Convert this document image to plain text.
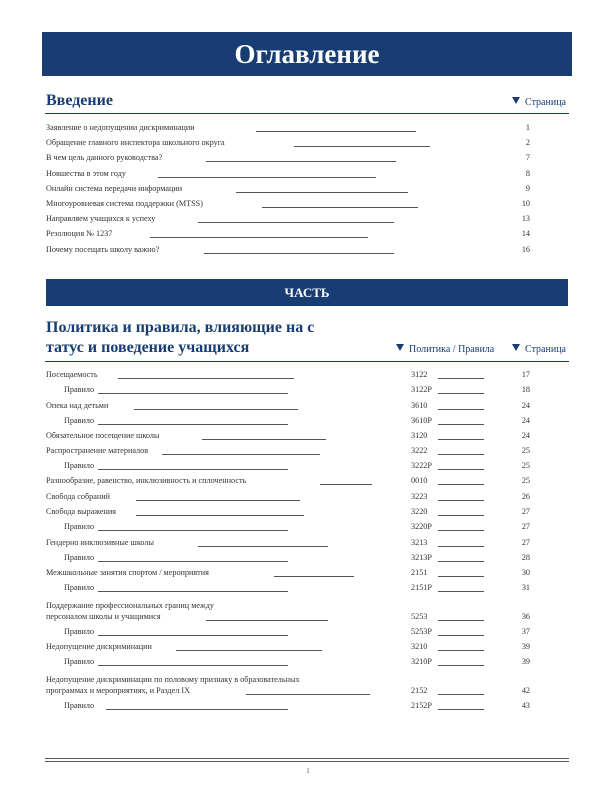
Оглавление
Введение	Страница
Заявление о недопущении дискриминации	1
Обращение главного инспектора школьного округа	2
В чем цель данного руководства?	7
Новшества в этом году	8
Онлайн система передачи информации	9
Многоуровневая система поддержки (MTSS)	10
Направляем учащихся к успеху	13
Резолюция № 1237	14
Почему посещать школу важно?	16
ЧАСТЬ
Политика и правила, влияющие на с
татус и поведение учащихся	Политика / Правила	Страница
Посещаемость	3122	17
Правило	3122P	18
Опека над детьми	3610	24
Правило	3610P	24
Обязательное посещение школы	3120	24
Распространение материалов	3222	25
Правило	3222P	25
Разнообразие, равенство, инклюзивность и сплоченность	0010	25
Свобода собраний	3223	26
Свобода выражения	3220	27
Правило	3220P	27
Гендерно инклюзивные школы	3213	27
Правило	3213P	28
Межшкольные занятия спортом / мероприятия	2151	30
Правило	2151P	31
Поддержание профессиональных границ между
персоналом школы и учащимися	5253	36
Правило	5253P	37
Недопущение дискриминации	3210	39
Правило	3210P	39
Недопущение дискриминации по половому признаку в образовательных
программах и мероприятиях, и Раздел IX	2152	42
Правило	2152P	43
1
